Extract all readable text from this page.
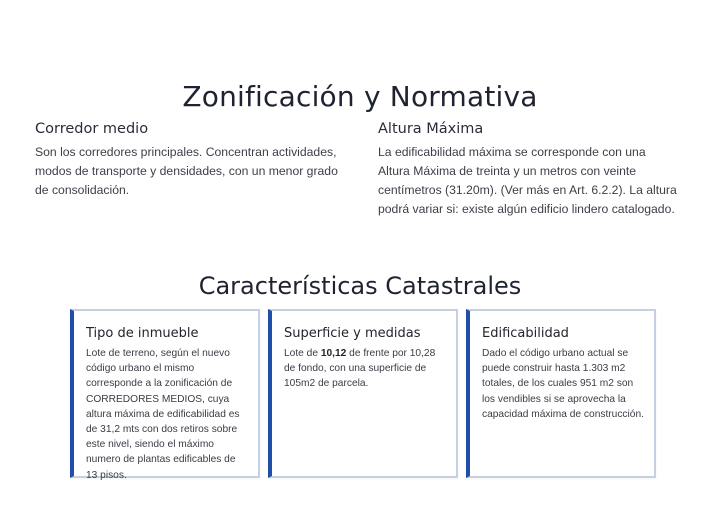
Zonificación y Normativa
Corredor medio

Son los corredores principales. Concentran actividades, modos de transporte y densidades, con un menor grado de consolidación.

Altura Máxima

La edificabilidad máxima se corresponde con una Altura Máxima de treinta y un metros con veinte centímetros (31.20m). (Ver más en Art. 6.2.2). La altura podrá variar si: existe algún edificio lindero catalogado.

Características Catastrales
Tipo de inmueble

Lote de terreno, según el nuevo código urbano el mismo corresponde a la zonificación de CORREDORES MEDIOS, cuya altura máxima de edificabilidad es de 31,2 mts con dos retiros sobre este nivel, siendo el máximo numero de plantas edificables de 13 pisos.

Superficie y medidas

Lote de 10,12 de frente por 10,28 de fondo, con una superficie de 105m2 de parcela.

Edificabilidad

Dado el código urbano actual se puede construir hasta 1.303 m2 totales, de los cuales 951 m2 son los vendibles si se aprovecha la capacidad máxima de construcción.
